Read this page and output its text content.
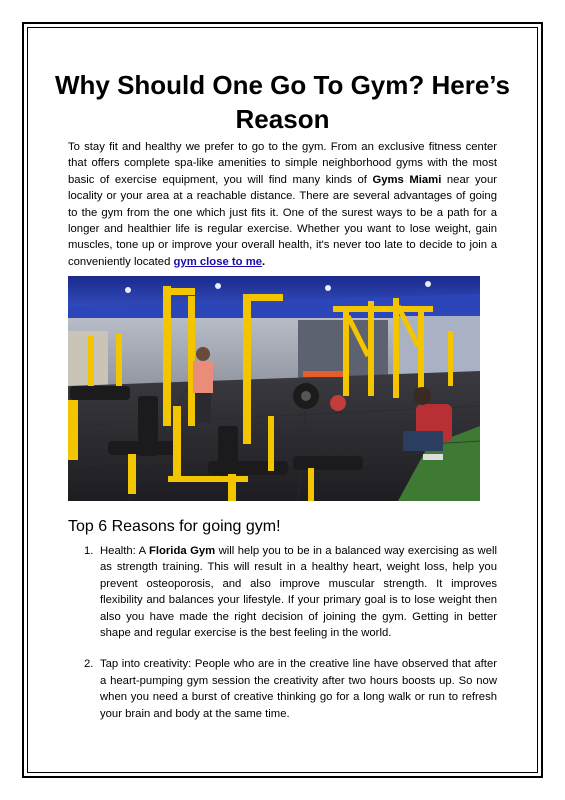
Why Should One Go To Gym? Here’s Reason

To stay fit and healthy we prefer to go to the gym. From an exclusive fitness center that offers complete spa-like amenities to simple neighborhood gyms with the most basic of exercise equipment, you will find many kinds of Gyms Miami near your locality or your area at a reachable distance. There are several advantages of going to the gym from the one which just fits it. One of the surest ways to be a path for a longer and healthier life is regular exercise. Whether you want to lose weight, gain muscles, tone up or improve your overall health, it's never too late to decide to join a conveniently located gym close to me.

Top 6 Reasons for going gym!
1. Health: A Florida Gym will help you to be in a balanced way exercising as well as strength training. This will result in a healthy heart, weight loss, help you prevent osteoporosis, and also improve muscular strength. It improves flexibility and balances your lifestyle. If your primary goal is to lose weight then also you have made the right decision of joining the gym. Getting in better shape and regular exercise is the best feeling in the world.
2. Tap into creativity: People who are in the creative line have observed that after a heart-pumping gym session the creativity after two hours boosts up. So now when you need a burst of creative thinking go for a long walk or run to refresh your brain and body at the same time.
